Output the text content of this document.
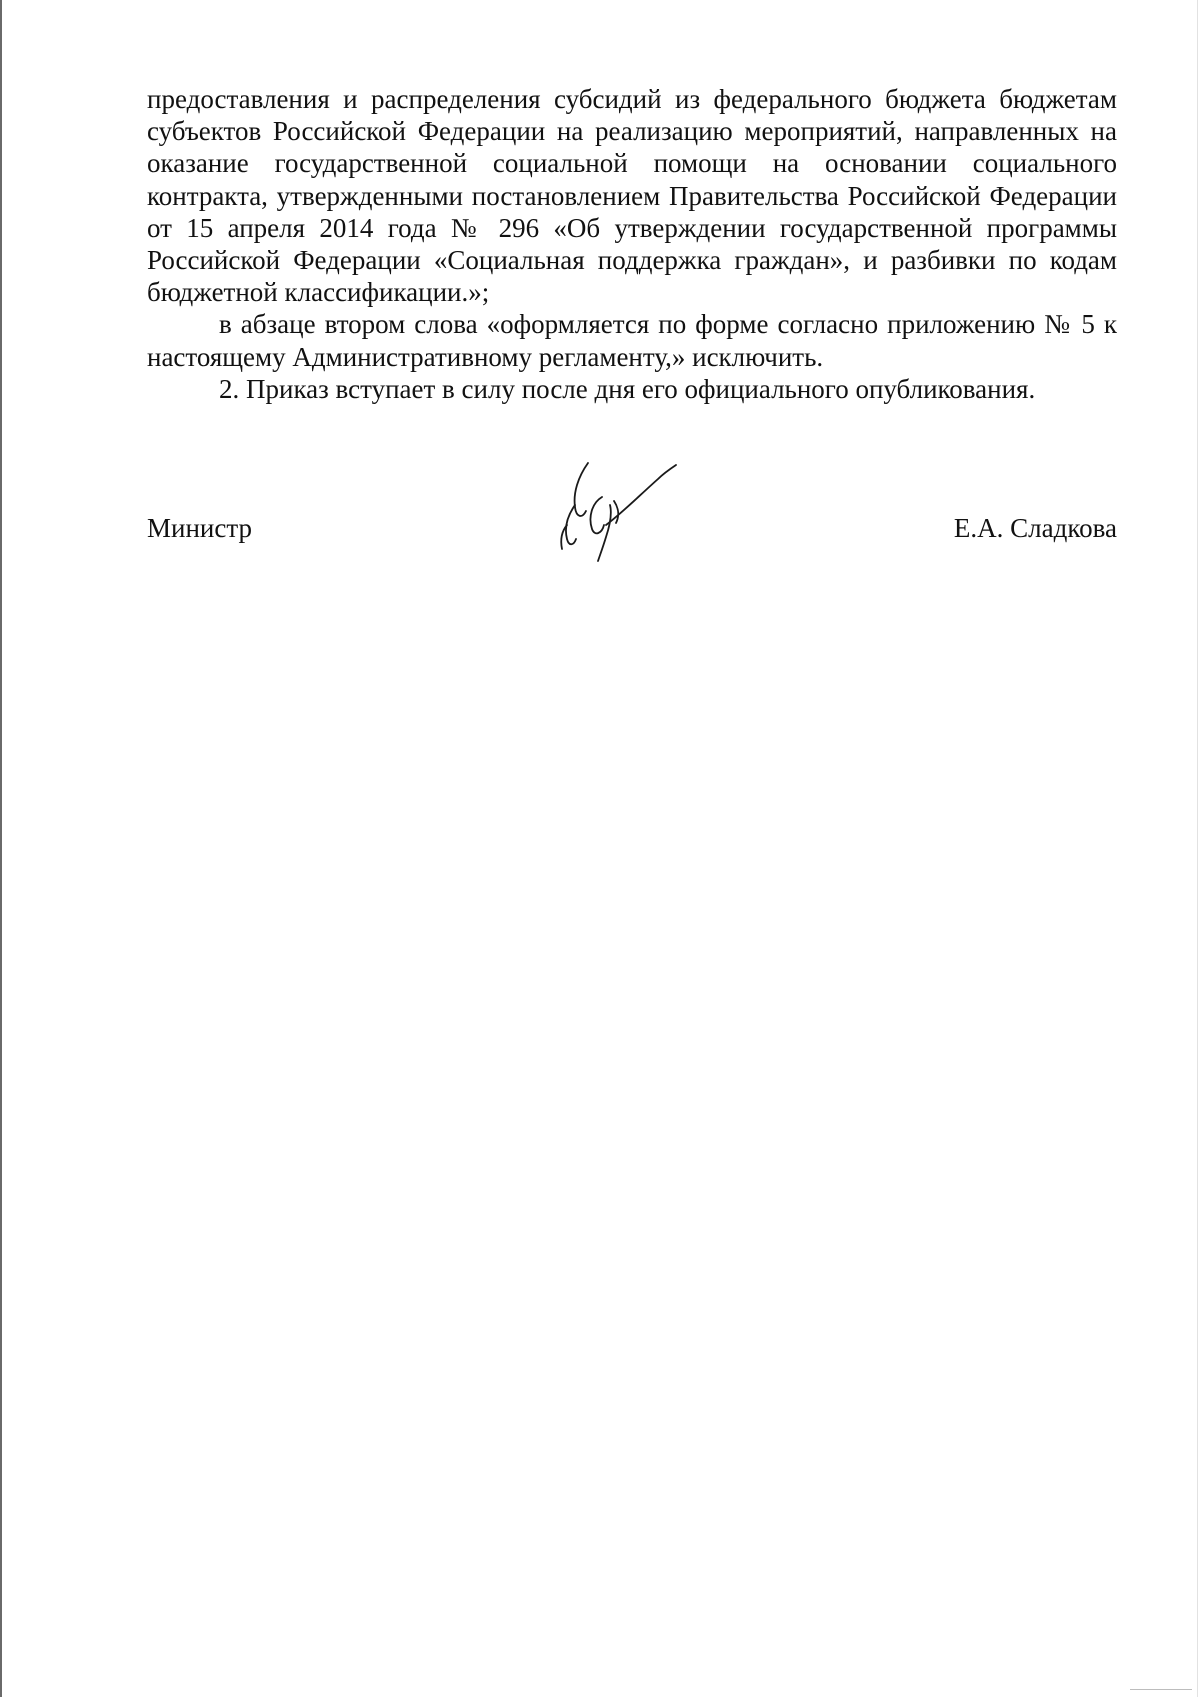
предоставления и распределения субсидий из федерального бюджета бюджетам субъектов Российской Федерации на реализацию мероприятий, направленных на оказание государственной социальной помощи на основании социального контракта, утвержденными постановлением Правительства Российской Федерации от 15 апреля 2014 года № 296 «Об утверждении государственной программы Российской Федерации «Социальная поддержка граждан», и разбивки по кодам бюджетной классификации.»;

в абзаце втором слова «оформляется по форме согласно приложению № 5 к настоящему Административному регламенту,» исключить.

2. Приказ вступает в силу после дня его официального опубликования.

Министр	Е.А. Сладкова
